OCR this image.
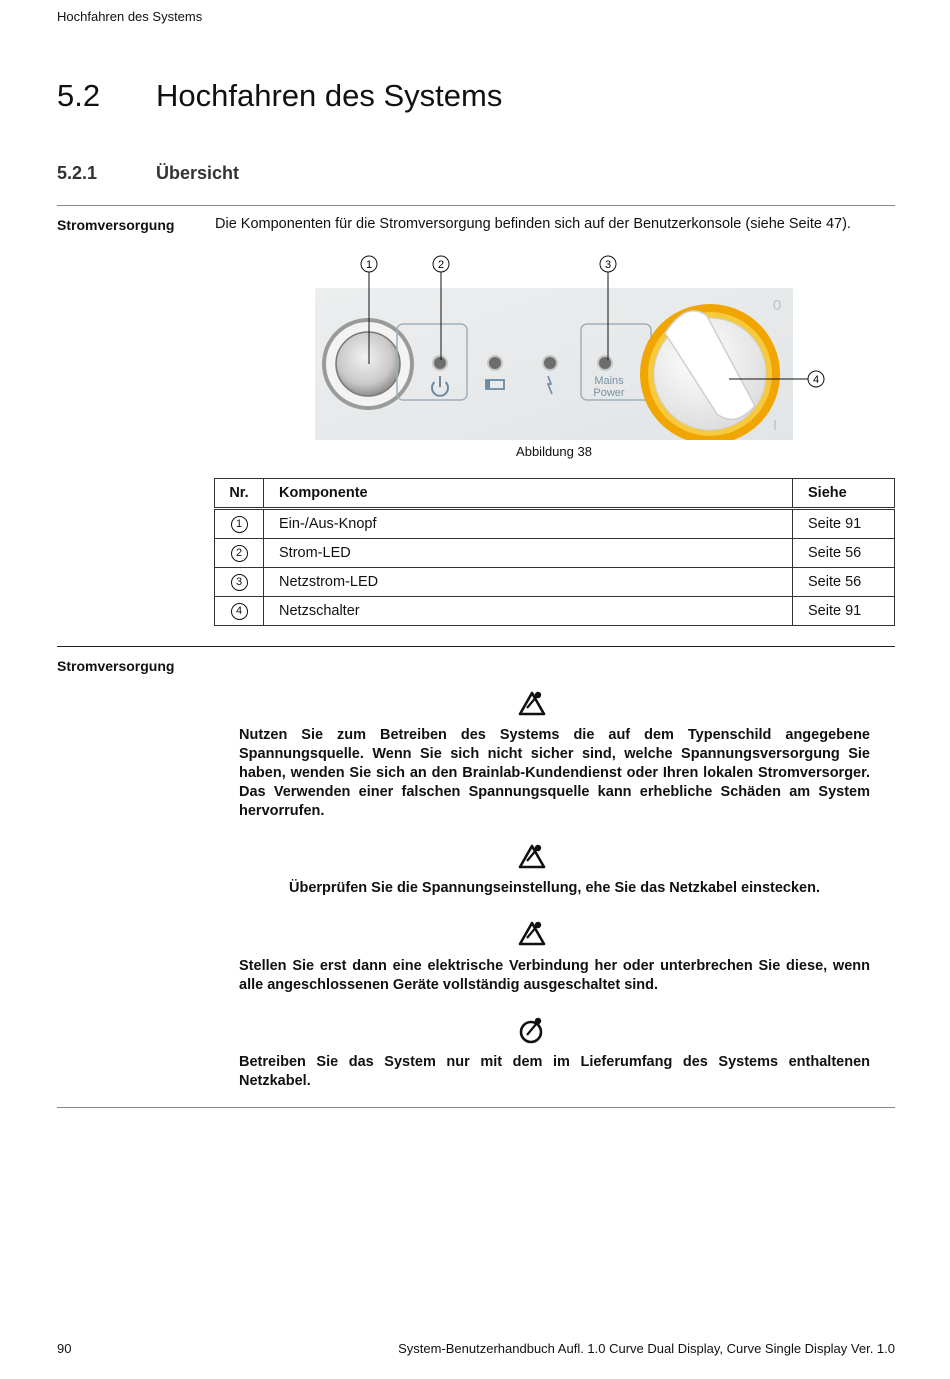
Hochfahren des Systems
5.2 Hochfahren des Systems
5.2.1	Übersicht
Stromversorgung	Die Komponenten für die Stromversorgung befinden sich auf der Benutzerkonsole (siehe Seite 47).
Mains
Power
0
I
1	2	3
4
Abbildung 38
Nr.	Komponente	Siehe
1	Ein-/Aus-Knopf	Seite 91
2	Strom-LED	Seite 56
3	Netzstrom-LED	Seite 56
4	Netzschalter	Seite 91
Stromversorgung
Nutzen Sie zum Betreiben des Systems die auf dem Typenschild angegebene Spannungsquelle. Wenn Sie sich nicht sicher sind, welche Spannungsversorgung Sie haben, wenden Sie sich an den Brainlab-Kundendienst oder Ihren lokalen Stromversorger. Das Verwenden einer falschen Spannungsquelle kann erhebliche Schäden am System hervorrufen.
Überprüfen Sie die Spannungseinstellung, ehe Sie das Netzkabel einstecken.
Stellen Sie erst dann eine elektrische Verbindung her oder unterbrechen Sie diese, wenn alle angeschlossenen Geräte vollständig ausgeschaltet sind.
Betreiben Sie das System nur mit dem im Lieferumfang des Systems enthaltenen Netzkabel.
90	System-Benutzerhandbuch Aufl. 1.0 Curve Dual Display, Curve Single Display Ver. 1.0
